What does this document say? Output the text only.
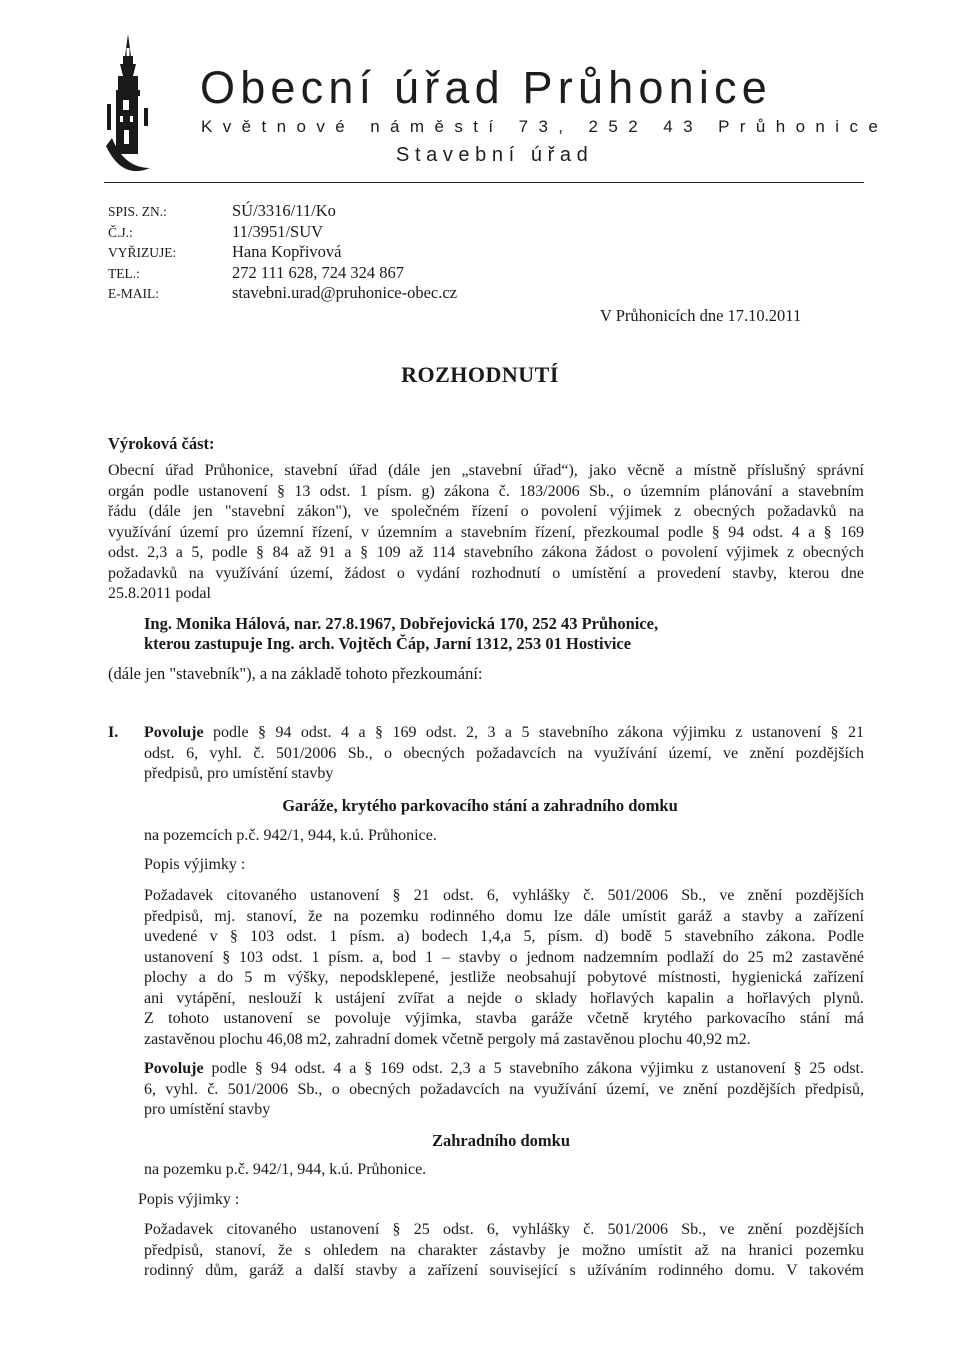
Obecní úřad Průhonice
Květnové náměstí 73, 252 43 Průhonice
Stavební úřad
SPIS. ZN.:	SÚ/3316/11/Ko
Č.J.:	11/3951/SUV
VYŘIZUJE:	Hana Kopřivová
TEL.:	272 111 628, 724 324 867
E-MAIL:	stavebni.urad@pruhonice-obec.cz
V Průhonicích dne 17.10.2011
ROZHODNUTÍ
Výroková část:
Obecní úřad Průhonice, stavební úřad (dále jen „stavební úřad“), jako věcně a místně příslušný správní
orgán podle ustanovení § 13 odst. 1 písm. g) zákona č. 183/2006 Sb., o územním plánování a stavebním
řádu (dále jen "stavební zákon"), ve společném řízení o povolení výjimek z obecných požadavků na
využívání území pro územní řízení, v územním a stavebním řízení, přezkoumal podle § 94 odst. 4 a § 169
odst. 2,3 a 5, podle § 84 až 91 a § 109 až 114 stavebního zákona žádost o povolení výjimek z obecných
požadavků na využívání území, žádost o vydání rozhodnutí o umístění a provedení stavby, kterou dne
25.8.2011 podal
Ing. Monika Hálová, nar. 27.8.1967, Dobřejovická 170, 252 43 Průhonice,
kterou zastupuje Ing. arch. Vojtěch Čáp, Jarní 1312, 253 01 Hostivice
(dále jen "stavebník"), a na základě tohoto přezkoumání:
I. Povoluje podle § 94 odst. 4 a § 169 odst. 2, 3 a 5 stavebního zákona výjimku z ustanovení § 21
odst. 6, vyhl. č. 501/2006 Sb., o obecných požadavcích na využívání území, ve znění pozdějších
předpisů, pro umístění stavby
Garáže, krytého parkovacího stání a zahradního domku
na pozemcích p.č. 942/1, 944, k.ú. Průhonice.
Popis výjimky :
Požadavek citovaného ustanovení § 21 odst. 6, vyhlášky č. 501/2006 Sb., ve znění pozdějších
předpisů, mj. stanoví, že na pozemku rodinného domu lze dále umístit garáž a stavby a zařízení
uvedené v § 103 odst. 1 písm. a) bodech 1,4,a 5, písm. d) bodě 5 stavebního zákona. Podle
ustanovení § 103 odst. 1 písm. a, bod 1 – stavby o jednom nadzemním podlaží do 25 m2 zastavěné
plochy a do 5 m výšky, nepodsklepené, jestliže neobsahují pobytové místnosti, hygienická zařízení
ani vytápění, neslouží k ustájení zvířat a nejde o sklady hořlavých kapalin a hořlavých plynů.
Z tohoto ustanovení se povoluje výjimka, stavba garáže včetně krytého parkovacího stání má
zastavěnou plochu 46,08 m2, zahradní domek včetně pergoly má zastavěnou plochu 40,92 m2.
Povoluje podle § 94 odst. 4 a § 169 odst. 2,3 a 5 stavebního zákona výjimku z ustanovení § 25 odst.
6, vyhl. č. 501/2006 Sb., o obecných požadavcích na využívání území, ve znění pozdějších předpisů,
pro umístění stavby
Zahradního domku
na pozemku p.č. 942/1, 944, k.ú. Průhonice.
Popis výjimky :
Požadavek citovaného ustanovení § 25 odst. 6, vyhlášky č. 501/2006 Sb., ve znění pozdějších
předpisů, stanoví, že s ohledem na charakter zástavby je možno umístit až na hranici pozemku
rodinný dům, garáž a další stavby a zařízení související s užíváním rodinného domu. V takovém
